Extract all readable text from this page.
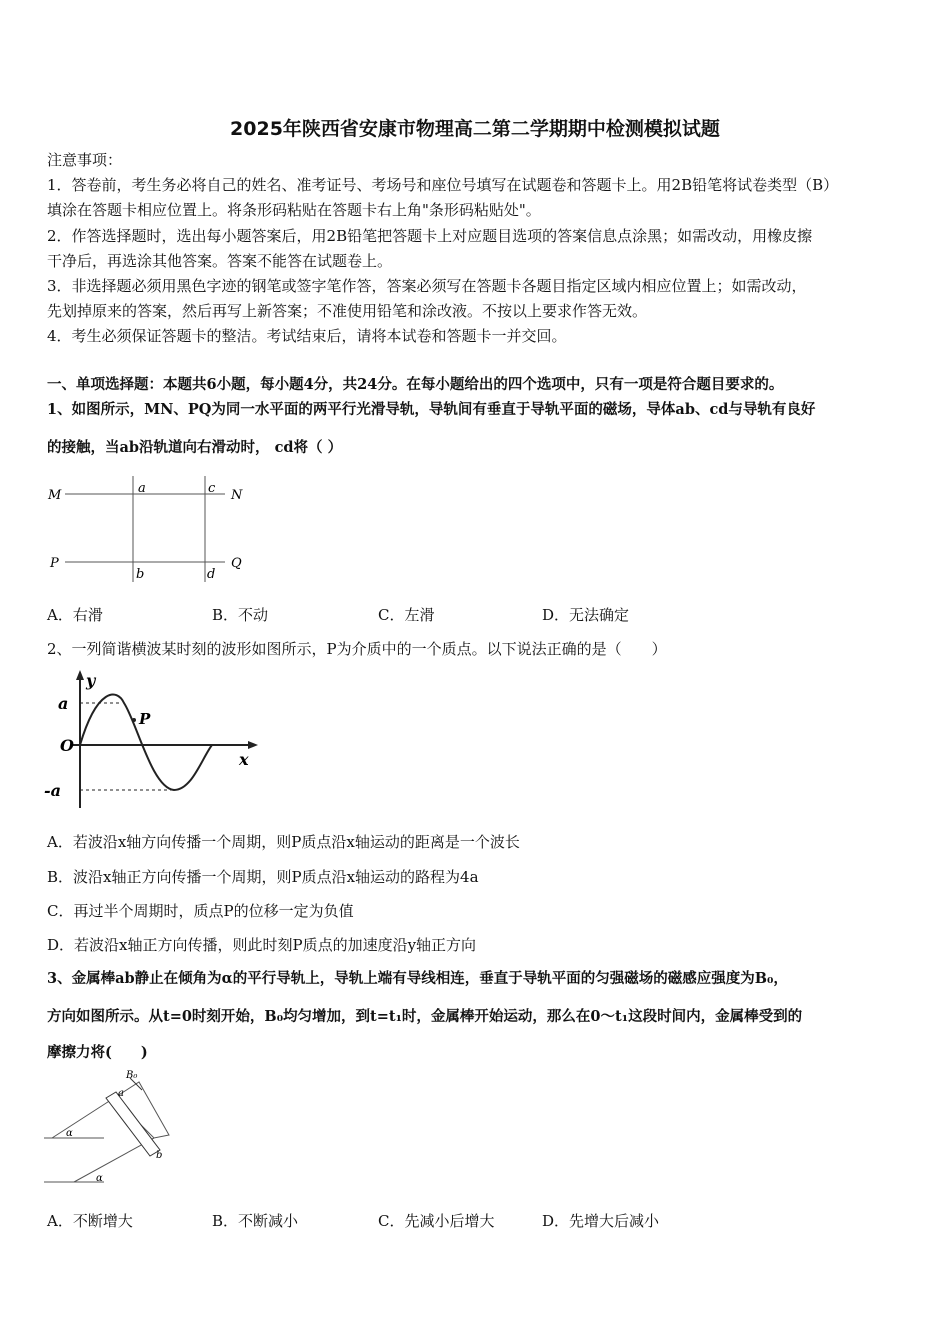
2025年陕西省安康市物理高二第二学期期中检测模拟试题
注意事项：
1．答卷前，考生务必将自己的姓名、准考证号、考场号和座位号填写在试题卷和答题卡上。用2B铅笔将试卷类型（B）
填涂在答题卡相应位置上。将条形码粘贴在答题卡右上角"条形码粘贴处"。
2．作答选择题时，选出每小题答案后，用2B铅笔把答题卡上对应题目选项的答案信息点涂黑；如需改动，用橡皮擦
干净后，再选涂其他答案。答案不能答在试题卷上。
3．非选择题必须用黑色字迹的钢笔或签字笔作答，答案必须写在答题卡各题目指定区域内相应位置上；如需改动，
先划掉原来的答案，然后再写上新答案；不准使用铅笔和涂改液。不按以上要求作答无效。
4．考生必须保证答题卡的整洁。考试结束后，请将本试卷和答题卡一并交回。
一、单项选择题：本题共6小题，每小题4分，共24分。在每小题给出的四个选项中，只有一项是符合题目要求的。
1、如图所示，MN、PQ为同一水平面的两平行光滑导轨，导轨间有垂直于导轨平面的磁场，导体ab、cd与导轨有良好
的接触，当ab沿轨道向右滑动时， cd将（ ）
M	N
P	Q
a
b
c
d
A．右滑	B．不动	C．左滑	D．无法确定
2、一列简谐横波某时刻的波形如图所示，P为介质中的一个质点。以下说法正确的是（　　）
y
x
a
O
-a
P
A．若波沿x轴方向传播一个周期，则P质点沿x轴运动的距离是一个波长
B．波沿x轴正方向传播一个周期，则P质点沿x轴运动的路程为4a
C．再过半个周期时，质点P的位移一定为负值
D．若波沿x轴正方向传播，则此时刻P质点的加速度沿y轴正方向
3、金属棒ab静止在倾角为α的平行导轨上，导轨上端有导线相连，垂直于导轨平面的匀强磁场的磁感应强度为B₀，
方向如图所示。从t=0时刻开始，B₀均匀增加，到t=t₁时，金属棒开始运动，那么在0～t₁这段时间内，金属棒受到的
摩擦力将(　　)
B₀
a
b
α
α
A．不断增大	B．不断减小	C．先减小后增大	D．先增大后减小
